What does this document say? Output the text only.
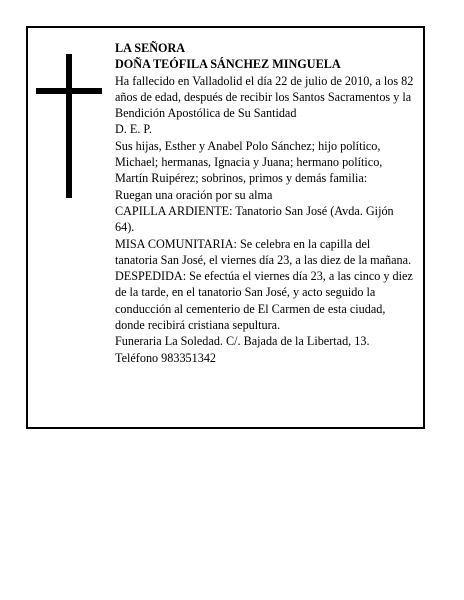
LA SEÑORA

DOÑA TEÓFILA SÁNCHEZ MINGUELA

Ha fallecido en Valladolid el día 22 de julio de 2010, a los 82 años de edad, después de recibir los Santos Sacramentos y la Bendición Apostólica de Su Santidad

D. E. P.

Sus hijas, Esther y Anabel Polo Sánchez; hijo político, Michael; hermanas, Ignacia y Juana; hermano político, Martín Ruipérez; sobrinos, primos y demás familia:

Ruegan una oración por su alma

CAPILLA ARDIENTE: Tanatorio San José (Avda. Gijón 64).

MISA COMUNITARIA: Se celebra en la capilla del tanatoria San José, el viernes día 23, a las diez de la mañana. DESPEDIDA: Se efectúa el viernes día 23, a las cinco y diez de la tarde, en el tanatorio San José, y acto seguido la conducción al cementerio de El Carmen de esta ciudad, donde recibirá cristiana sepultura.

Funeraria La Soledad. C/. Bajada de la Libertad, 13.

Teléfono 983351342
